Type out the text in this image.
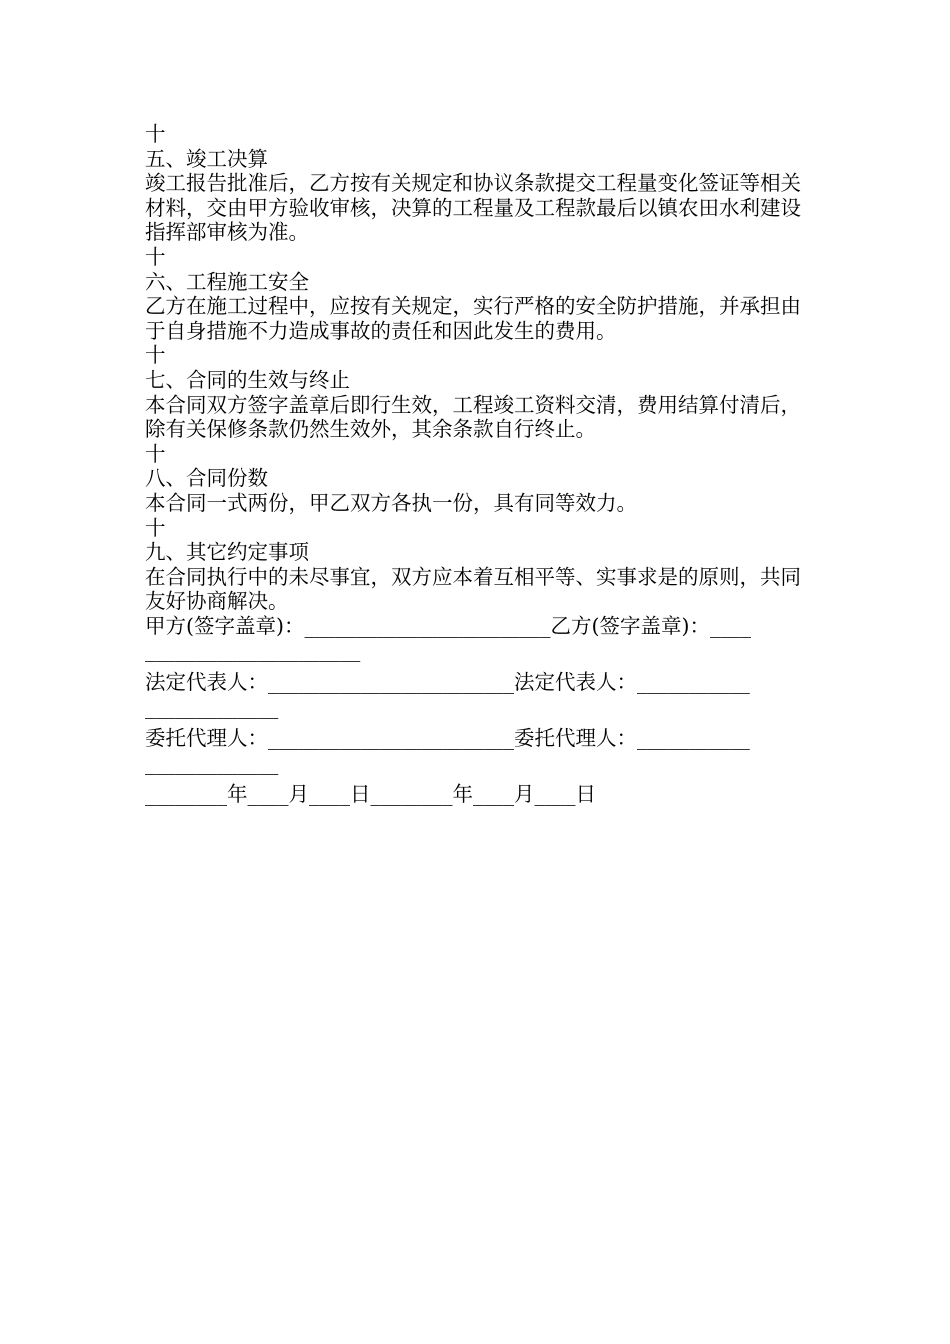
十
五、竣工决算
竣工报告批准后，乙方按有关规定和协议条款提交工程量变化签证等相关材料，交由甲方验收审核，决算的工程量及工程款最后以镇农田水利建设指挥部审核为准。
十
六、工程施工安全
乙方在施工过程中，应按有关规定，实行严格的安全防护措施，并承担由于自身措施不力造成事故的责任和因此发生的费用。
十
七、合同的生效与终止
本合同双方签字盖章后即行生效，工程竣工资料交清，费用结算付清后，除有关保修条款仍然生效外，其余条款自行终止。
十
八、合同份数
本合同一式两份，甲乙双方各执一份，具有同等效力。
十
九、其它约定事项
在合同执行中的未尽事宜，双方应本着互相平等、实事求是的原则，共同友好协商解决。
甲方(签字盖章)：________________________乙方(签字盖章)：____
_____________________
法定代表人：________________________法定代表人：___________
_____________
委托代理人：________________________委托代理人：___________
_____________
________年____月____日________年____月____日
